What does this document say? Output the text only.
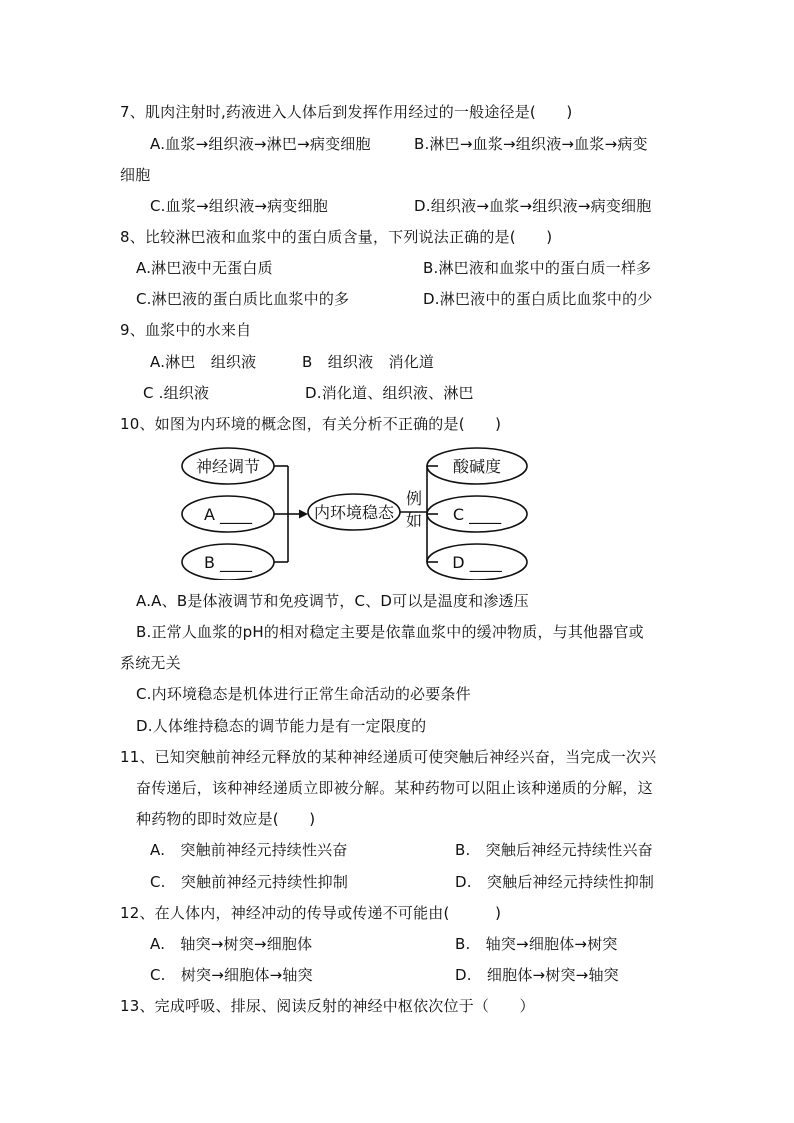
7、肌肉注射时,药液进入人体后到发挥作用经过的一般途径是(　　)
A.血浆→组织液→淋巴→病变细胞	B.淋巴→血浆→组织液→血浆→病变
细胞
C.血浆→组织液→病变细胞	D.组织液→血浆→组织液→病变细胞
8、比较淋巴液和血浆中的蛋白质含量，下列说法正确的是(　　)
A.淋巴液中无蛋白质	B.淋巴液和血浆中的蛋白质一样多
C.淋巴液的蛋白质比血浆中的多	D.淋巴液中的蛋白质比血浆中的少
9、血浆中的水来自
A.淋巴　组织液	B　组织液　消化道
C .组织液	D.消化道、组织液、淋巴
10、如图为内环境的概念图，有关分析不正确的是(　　)
神经调节
A ____
B ____
内环境稳态
例
如
酸碱度
C ____
D ____
A.A、B是体液调节和免疫调节，C、D可以是温度和渗透压
B.正常人血浆的pH的相对稳定主要是依靠血浆中的缓冲物质，与其他器官或
系统无关
C.内环境稳态是机体进行正常生命活动的必要条件
D.人体维持稳态的调节能力是有一定限度的
11、已知突触前神经元释放的某种神经递质可使突触后神经兴奋，当完成一次兴
奋传递后，该种神经递质立即被分解。某种药物可以阻止该种递质的分解，这
种药物的即时效应是(　　)
A.　突触前神经元持续性兴奋	B.　突触后神经元持续性兴奋
C.　突触前神经元持续性抑制	D.　突触后神经元持续性抑制
12、在人体内，神经冲动的传导或传递不可能由(　　　)
A.　轴突→树突→细胞体	B.　轴突→细胞体→树突
C.　树突→细胞体→轴突	D.　细胞体→树突→轴突
13、完成呼吸、排尿、阅读反射的神经中枢依次位于（　　）
